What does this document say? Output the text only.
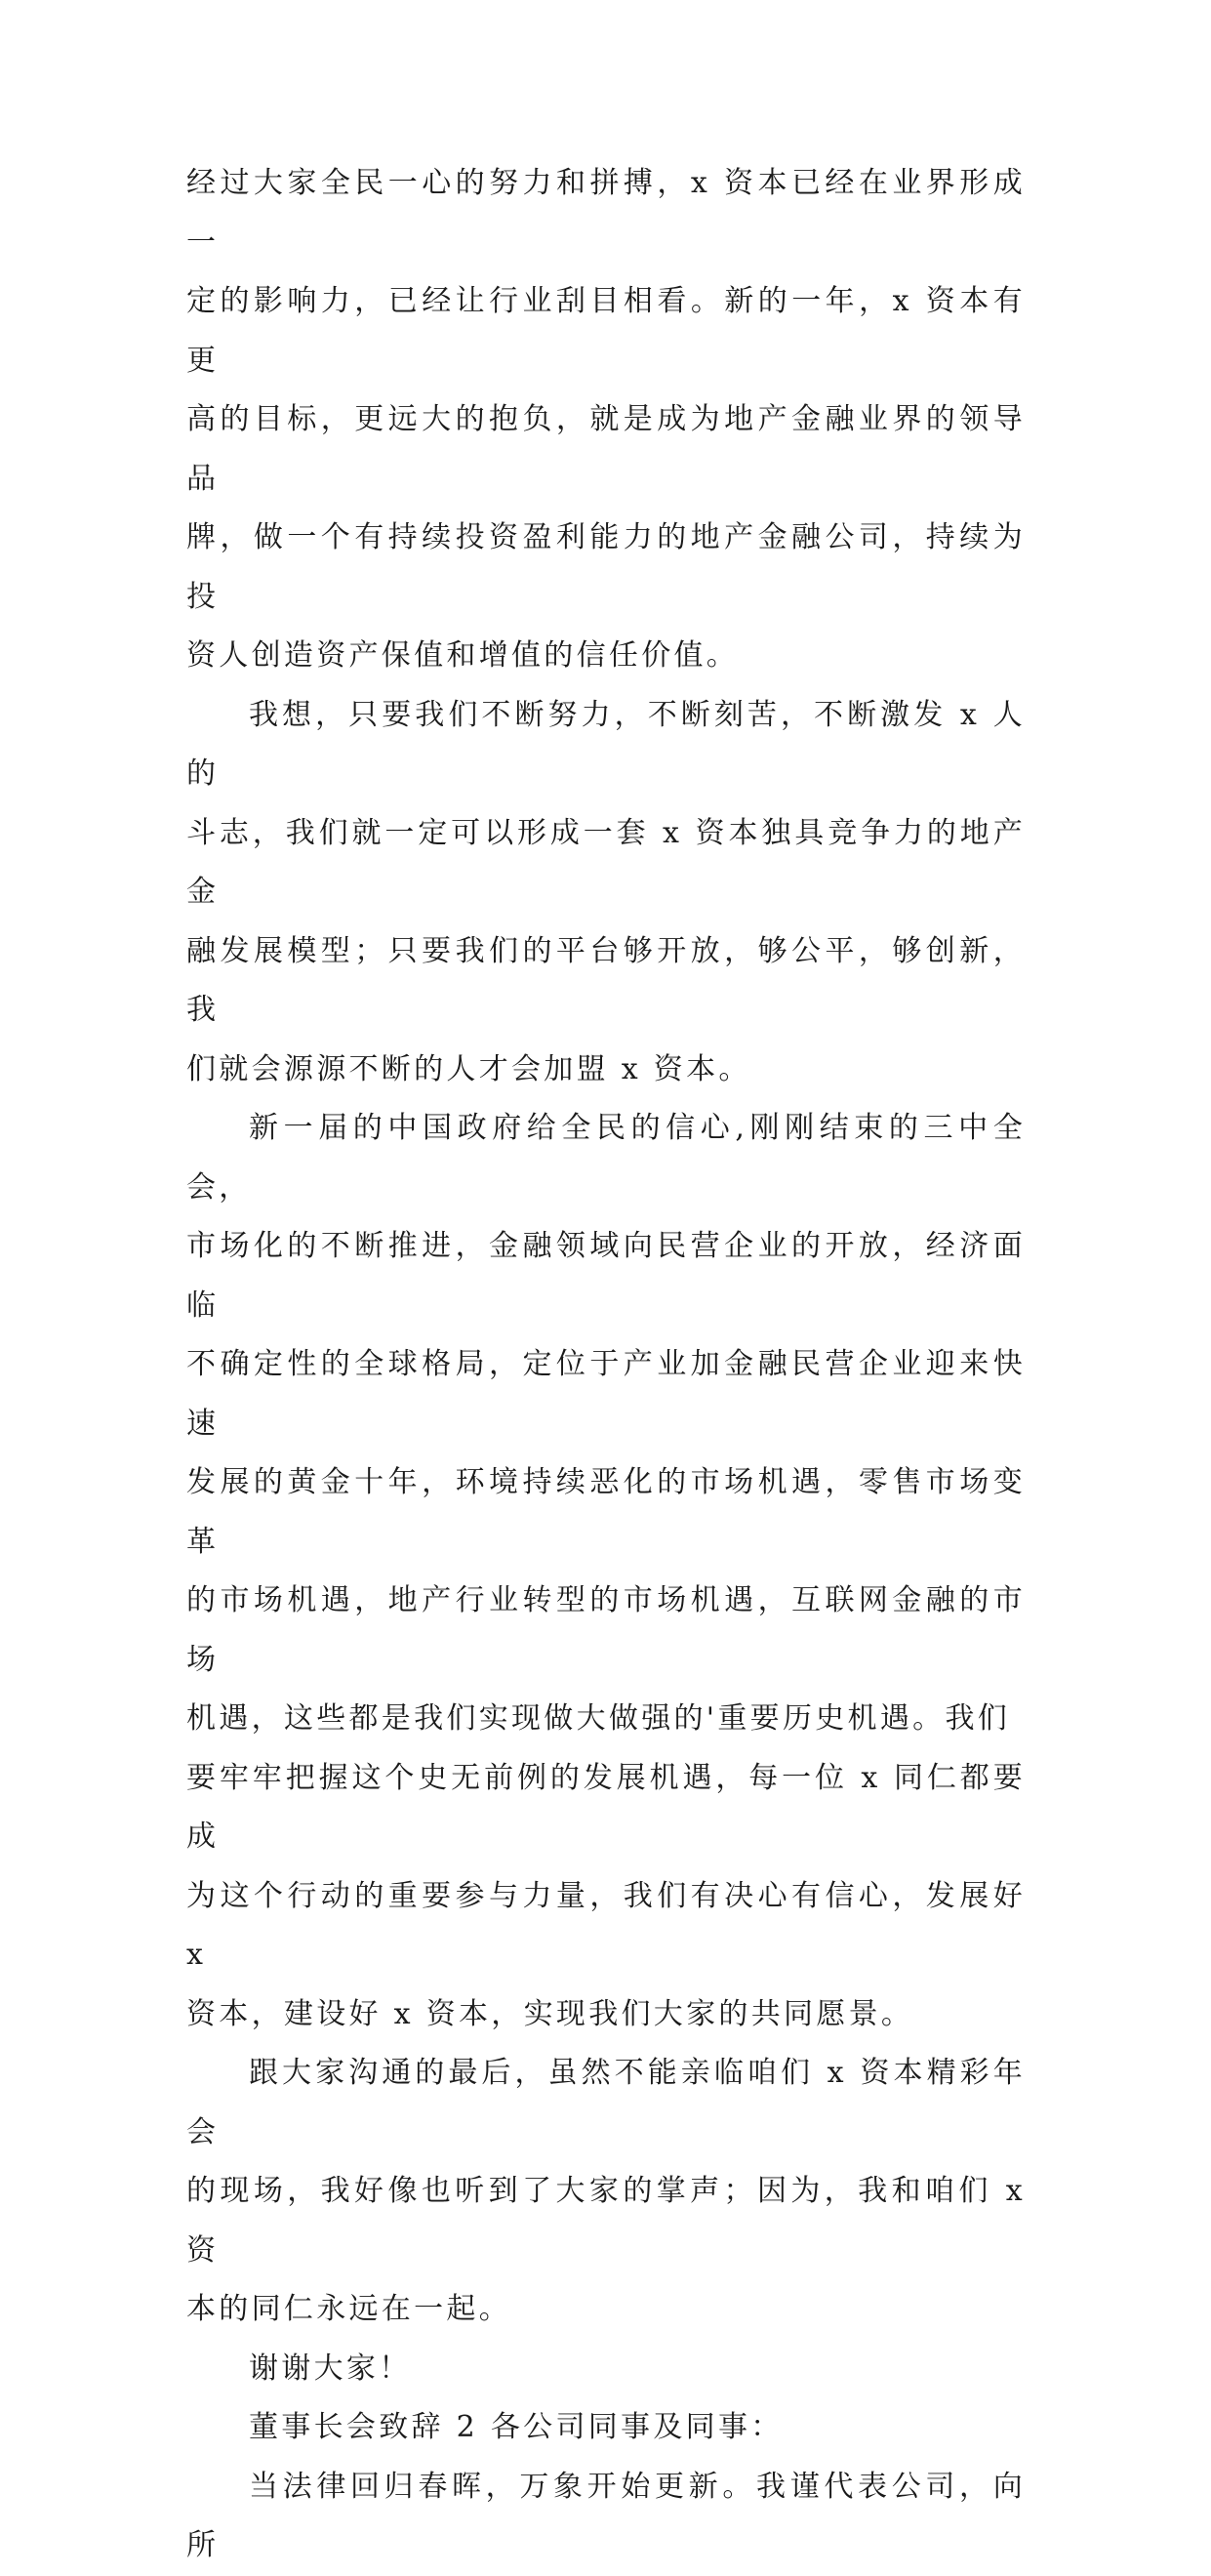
经过大家全民一心的努力和拼搏，x 资本已经在业界形成一
定的影响力，已经让行业刮目相看。新的一年，x 资本有更
高的目标，更远大的抱负，就是成为地产金融业界的领导品
牌，做一个有持续投资盈利能力的地产金融公司，持续为投
资人创造资产保值和增值的信任价值。

我想，只要我们不断努力，不断刻苦，不断激发 x 人的
斗志，我们就一定可以形成一套 x 资本独具竞争力的地产金
融发展模型；只要我们的平台够开放，够公平，够创新，我
们就会源源不断的人才会加盟 x 资本。

新一届的中国政府给全民的信心,刚刚结束的三中全会，
市场化的不断推进，金融领域向民营企业的开放，经济面临
不确定性的全球格局，定位于产业加金融民营企业迎来快速
发展的黄金十年，环境持续恶化的市场机遇，零售市场变革
的市场机遇，地产行业转型的市场机遇，互联网金融的市场
机遇，这些都是我们实现做大做强的'重要历史机遇。我们
要牢牢把握这个史无前例的发展机遇，每一位 x 同仁都要成
为这个行动的重要参与力量，我们有决心有信心，发展好 x
资本，建设好 x 资本，实现我们大家的共同愿景。

跟大家沟通的最后，虽然不能亲临咱们 x 资本精彩年会
的现场，我好像也听到了大家的掌声；因为，我和咱们 x 资
本的同仁永远在一起。

谢谢大家！

董事长会致辞 2 各公司同事及同事：

当法律回归春晖，万象开始更新。我谨代表公司，向所
